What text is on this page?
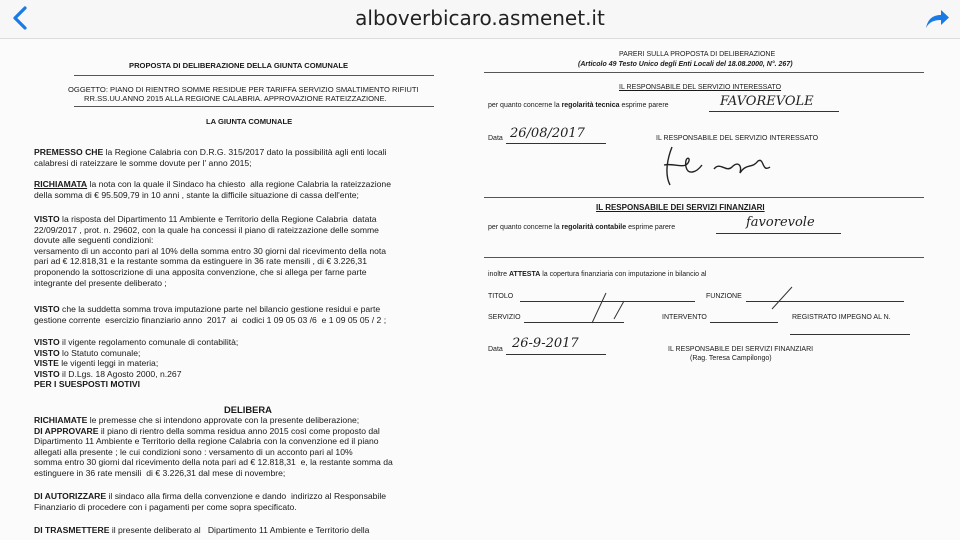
alboverbicaro.asmenet.it
PROPOSTA DI DELIBERAZIONE DELLA GIUNTA COMUNALE
OGGETTO: PIANO DI RIENTRO SOMME RESIDUE PER TARIFFA SERVIZIO SMALTIMENTO RIFIUTI
RR.SS.UU.ANNO 2015 ALLA REGIONE CALABRIA. APPROVAZIONE RATEIZZAZIONE.
LA GIUNTA COMUNALE
PREMESSO CHE la Regione Calabria con D.R.G. 315/2017 dato la possibilità agli enti locali
calabresi di rateizzare le somme dovute per l' anno 2015;
RICHIAMATA la nota con la quale il Sindaco ha chiesto  alla regione Calabria la rateizzazione
della somma di € 95.509,79 in 10 anni , stante la difficile situazione di cassa dell'ente;
VISTO la risposta del Dipartimento 11 Ambiente e Territorio della Regione Calabria  datata
22/09/2017 , prot. n. 29602, con la quale ha concessi il piano di rateizzazione delle somme
dovute alle seguenti condizioni:
versamento di un acconto pari al 10% della somma entro 30 giorni dal ricevimento della nota
pari ad € 12.818,31 e la restante somma da estinguere in 36 rate mensili , di € 3.226,31
proponendo la sottoscrizione di una apposita convenzione, che si allega per farne parte
integrante del presente deliberato ;
VISTO che la suddetta somma trova imputazione parte nel bilancio gestione residui e parte
gestione corrente  esercizio finanziario anno  2017  ai  codici 1 09 05 03 /6  e 1 09 05 05 / 2 ;
VISTO il vigente regolamento comunale di contabilità;
VISTO lo Statuto comunale;
VISTE le vigenti leggi in materia;
VISTO il D.Lgs. 18 Agosto 2000, n.267
PER I SUESPOSTI MOTIVI
DELIBERA
RICHIAMATE le premesse che si intendono approvate con la presente deliberazione;
DI APPROVARE il piano di rientro della somma residua anno 2015 così come proposto dal
Dipartimento 11 Ambiente e Territorio della regione Calabria con la convenzione ed il piano
allegati alla presente ; le cui condizioni sono : versamento di un acconto pari al 10%
somma entro 30 giorni dal ricevimento della nota pari ad € 12.818,31  e, la restante somma da
estinguere in 36 rate mensili  di € 3.226,31 dal mese di novembre;
DI AUTORIZZARE il sindaco alla firma della convenzione e dando  indirizzo al Responsabile
Finanziario di procedere con i pagamenti per come sopra specificato.
DI TRASMETTERE il presente deliberato al   Dipartimento 11 Ambiente e Territorio della
PARERI SULLA PROPOSTA DI DELIBERAZIONE
(Articolo 49 Testo Unico degli Enti Locali del 18.08.2000, N°. 267)
IL RESPONSABILE DEL SERVIZIO INTERESSATO
per quanto concerne la regolarità tecnica esprime parere	FAVOREVOLE
Data 26/08/2017	IL RESPONSABILE DEL SERVIZIO INTERESSATO
IL RESPONSABILE DEI SERVIZI FINANZIARI
per quanto concerne la regolarità contabile esprime parere	favorevole
inoltre ATTESTA la copertura finanziaria con imputazione in bilancio al
TITOLO	FUNZIONE
SERVIZIO	INTERVENTO	REGISTRATO IMPEGNO AL N.
Data 26-9-2017	IL RESPONSABILE DEI SERVIZI FINANZIARI
(Rag. Teresa Campilongo)
